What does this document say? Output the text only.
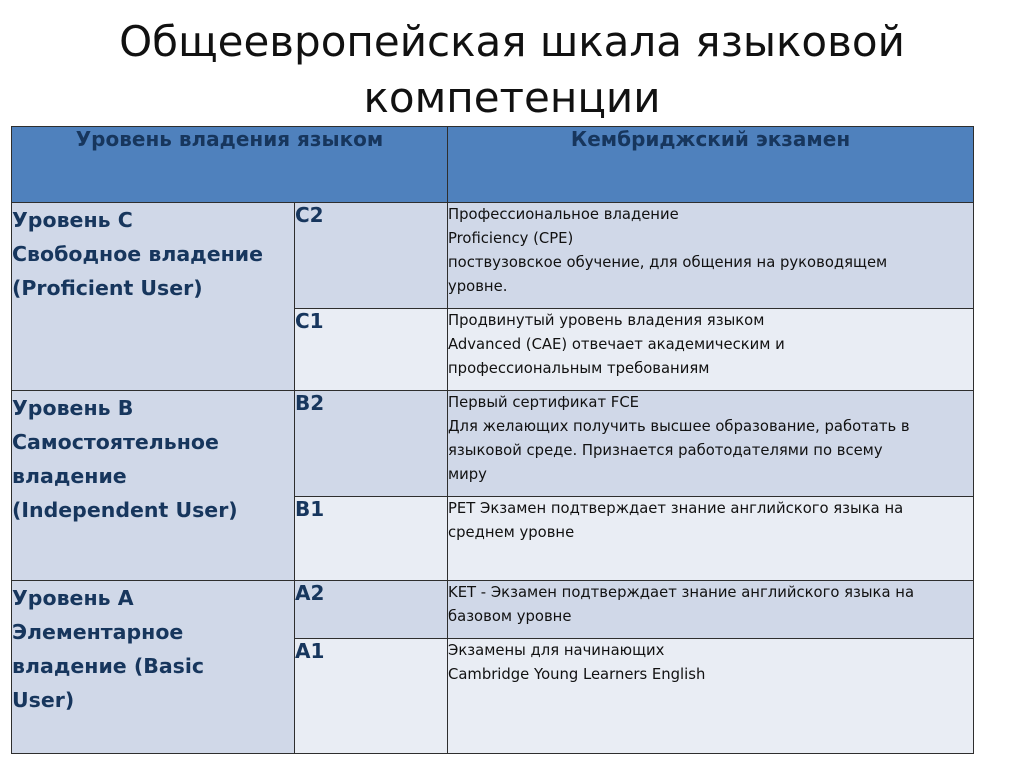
Общеевропейская шкала языковой
компетенции
Уровень владения языком		Кембриджский экзамен

Уровень С
Свободное владение
(Proficient User)	С2	Профессиональное владение
Proficiency (CPE)
поствузовское обучение, для общения на руководящем
уровне.

	С1	Продвинутый уровень владения языком
Advanced (CAE) отвечает академическим и
профессиональным требованиям

Уровень В
Самостоятельное
владение
(Independent User)	В2	Первый сертификат FCE
Для желающих получить высшее образование, работать в
языковой среде. Признается работодателями по всему
миру

	В1	PET Экзамен подтверждает знание английского языка на
среднем уровне

Уровень А
Элементарное
владение (Basic
User)	А2	KET - Экзамен подтверждает знание английского языка на
базовом уровне

	А1	Экзамены для начинающих
Cambridge Young Learners English
